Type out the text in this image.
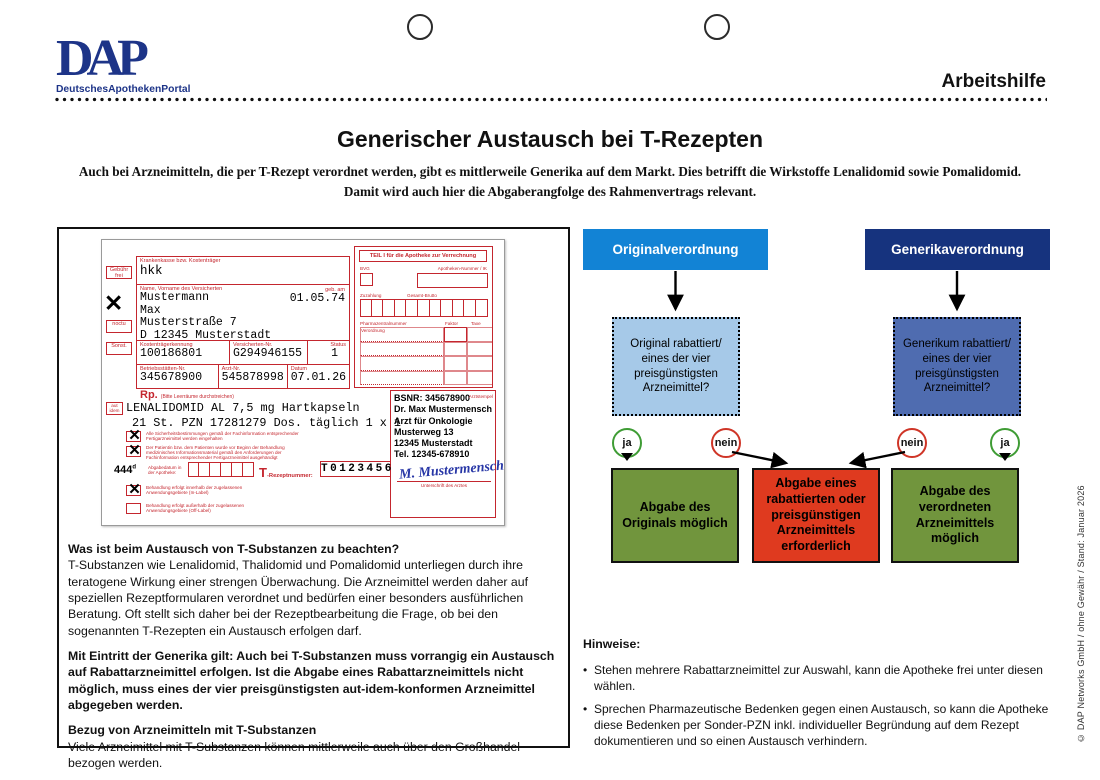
DAP
DeutschesApothekenPortal	Arbeitshilfe
Generischer Austausch bei T-Rezepten
Auch bei Arzneimitteln, die per T-Rezept verordnet werden, gibt es mittlerweile Generika auf dem Markt. Dies betrifft die Wirkstoffe Lenalidomid sowie Pomalidomid.
Damit wird auch hier die Abgaberangfolge des Rahmenvertrags relevant.
Gebühr frei
✕
noctu
Sonst.
Krankenkasse bzw. Kostenträger
hkk
Name, Vorname des Versicherten
Mustermann
Max
Musterstraße 7
D 12345 Musterstadt
geb. am
01.05.74
Kostenträgerkennung
100186801
Versicherten-Nr.
G294946155
Status
1
Betriebsstätten-Nr.
345678900
Arzt-Nr.
545878998
Datum
07.01.26
Rp. (Bitte Leerräume durchstreichen)
aut idem LENALIDOMID AL 7,5 mg Hartkapseln
21 St. PZN 17281279 Dos. täglich 1 x 1
✕ Alle Sicherheitsbestimmungen gemäß der Fachinformation entsprechender Fertigarzneimittel werden eingehalten
✕ Der Patientin bzw. dem Patienten wurde vor Beginn der Behandlung medizinisches Informationsmaterial gemäß den Anforderungen der Fachinformation entsprechender Fertigarzneimittel ausgehändigt
444$^d$	Abgabedatum in der Apotheke:	T-Rezeptnummer:
T0123456
✕ Behandlung erfolgt innerhalb der zugelassenen Anwendungsgebiete (In-Label)
Behandlung erfolgt außerhalb der zugelassenen Anwendungsgebiete (Off-Label)
TEIL I für die Apotheke zur Verrechnung
BVG	Apotheken-Nummer / IK
Zuzahlung	Gesamt-Brutto
Pharmazentralnummer	Faktor	Taxe
Verordnung
BSNR: 345678900
Arztstempel
Dr. Max Mustermensch
Arzt für Onkologie
Musterweg 13
12345 Musterstadt
Tel. 12345-678910
M. Mustermensch
Unterschrift des Arztes
Was ist beim Austausch von T-Substanzen zu beachten?

T-Substanzen wie Lenalidomid, Thalidomid und Pomalidomid unterliegen durch ihre teratogene Wirkung einer strengen Überwachung. Die Arzneimittel werden daher auf speziellen Rezeptformularen verordnet und bedürfen einer besonders ausführlichen Beratung. Oft stellt sich daher bei der Rezeptbearbeitung die Frage, ob bei den sogenannten T-Rezepten ein Austausch erfolgen darf.

Mit Eintritt der Generika gilt: Auch bei T-Substanzen muss vorrangig ein Austausch auf Rabattarzneimittel erfolgen. Ist die Abgabe eines Rabattarzneimittels nicht möglich, muss eines der vier preisgünstigsten aut-idem-konformen Arzneimittel abgegeben werden.

Bezug von Arzneimitteln mit T-Substanzen

Viele Arzneimittel mit T-Substanzen können mittlerweile auch über den Großhandel bezogen werden.

Originalverordnung	Generikaverordnung
Original rabattiert/ eines der vier preisgünstigsten Arzneimittel?
Generikum rabattiert/ eines der vier preisgünstigsten Arzneimittel?
ja	nein	nein	ja
Abgabe des Originals möglich
Abgabe eines rabattierten oder preisgünstigen Arzneimittels erforderlich
Abgabe des verordneten Arzneimittels möglich
Hinweise:
• Stehen mehrere Rabattarzneimittel zur Auswahl, kann die Apotheke frei unter diesen wählen.
• Sprechen Pharmazeutische Bedenken gegen einen Austausch, so kann die Apotheke diese Bedenken per Sonder-PZN inkl. individueller Begründung auf dem Rezept dokumentieren und so einen Austausch verhindern.	© DAP Networks GmbH / ohne Gewähr / Stand: Januar 2026
